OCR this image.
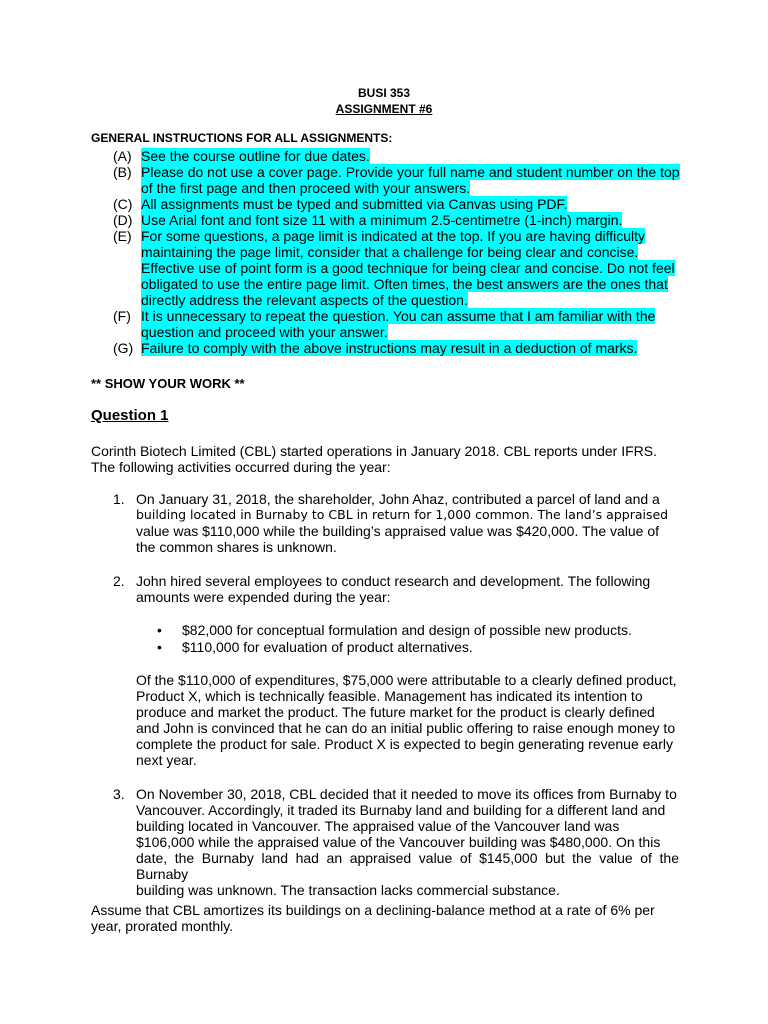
BUSI 353
ASSIGNMENT #6
GENERAL INSTRUCTIONS FOR ALL ASSIGNMENTS:
(A) See the course outline for due dates.
(B) Please do not use a cover page. Provide your full name and student number on the top
of the first page and then proceed with your answers.
(C) All assignments must be typed and submitted via Canvas using PDF.
(D) Use Arial font and font size 11 with a minimum 2.5-centimetre (1-inch) margin.
(E) For some questions, a page limit is indicated at the top. If you are having difficulty
maintaining the page limit, consider that a challenge for being clear and concise.
Effective use of point form is a good technique for being clear and concise. Do not feel
obligated to use the entire page limit. Often times, the best answers are the ones that
directly address the relevant aspects of the question.
(F) It is unnecessary to repeat the question. You can assume that I am familiar with the
question and proceed with your answer.
(G) Failure to comply with the above instructions may result in a deduction of marks.
** SHOW YOUR WORK **
Question 1
Corinth Biotech Limited (CBL) started operations in January 2018. CBL reports under IFRS.
The following activities occurred during the year:
1. On January 31, 2018, the shareholder, John Ahaz, contributed a parcel of land and a
building located in Burnaby to CBL in return for 1,000 common. The land’s appraised
value was $110,000 while the building’s appraised value was $420,000. The value of
the common shares is unknown.
2. John hired several employees to conduct research and development. The following
amounts were expended during the year:
• $82,000 for conceptual formulation and design of possible new products.
• $110,000 for evaluation of product alternatives.
Of the $110,000 of expenditures, $75,000 were attributable to a clearly defined product,
Product X, which is technically feasible. Management has indicated its intention to
produce and market the product. The future market for the product is clearly defined
and John is convinced that he can do an initial public offering to raise enough money to
complete the product for sale. Product X is expected to begin generating revenue early
next year.
3. On November 30, 2018, CBL decided that it needed to move its offices from Burnaby to
Vancouver. Accordingly, it traded its Burnaby land and building for a different land and
building located in Vancouver. The appraised value of the Vancouver land was
$106,000 while the appraised value of the Vancouver building was $480,000. On this
date, the Burnaby land had an appraised value of $145,000 but the value of the Burnaby
building was unknown. The transaction lacks commercial substance.
Assume that CBL amortizes its buildings on a declining-balance method at a rate of 6% per
year, prorated monthly.
